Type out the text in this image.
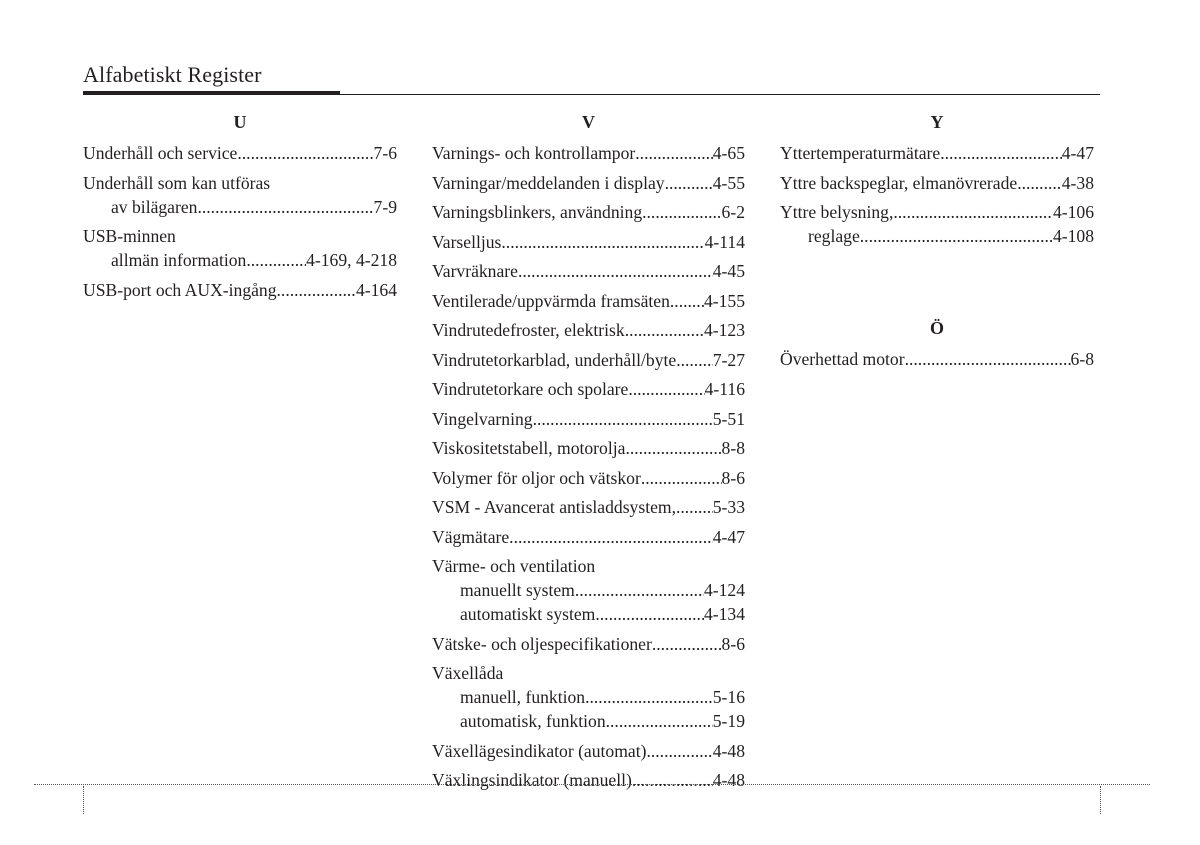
Alfabetiskt Register
U
Underhåll och service .....	7-6
Underhåll som kan utföras
av bilägaren .....	7-9
USB-minnen
allmän information .....	4-169, 4-218
USB-port och AUX-ingång .....	4-164
V
Varnings- och kontrollampor .....	4-65
Varningar/meddelanden i display .....	4-55
Varningsblinkers, användning .....	6-2
Varselljus .....	4-114
Varvräknare .....	4-45
Ventilerade/uppvärmda framsäten ..... 4-155
Vindrutedefroster, elektrisk .....	4-123
Vindrutetorkarblad, underhåll/byte ..... 7-27
Vindrutetorkare och spolare .....	4-116
Vingelvarning .....	5-51
Viskositetstabell, motorolja .....	8-8
Volymer för oljor och vätskor .....	8-6
VSM - Avancerat antisladdsystem, ..... 5-33
Vägmätare .....	4-47
Värme- och ventilation
manuellt system .....	4-124
automatiskt system .....	4-134
Vätske- och oljespecifikationer .....	8-6
Växellåda
manuell, funktion .....	5-16
automatisk, funktion .....	5-19
Växellägesindikator (automat) .....	4-48
Växlingsindikator (manuell) .....	4-48
Y
Yttertemperaturmätare .....	4-47
Yttre backspeglar, elmanövrerade .....	4-38
Yttre belysning, .....	4-106
reglage .....	4-108
Ö
Överhettad motor .....	6-8
